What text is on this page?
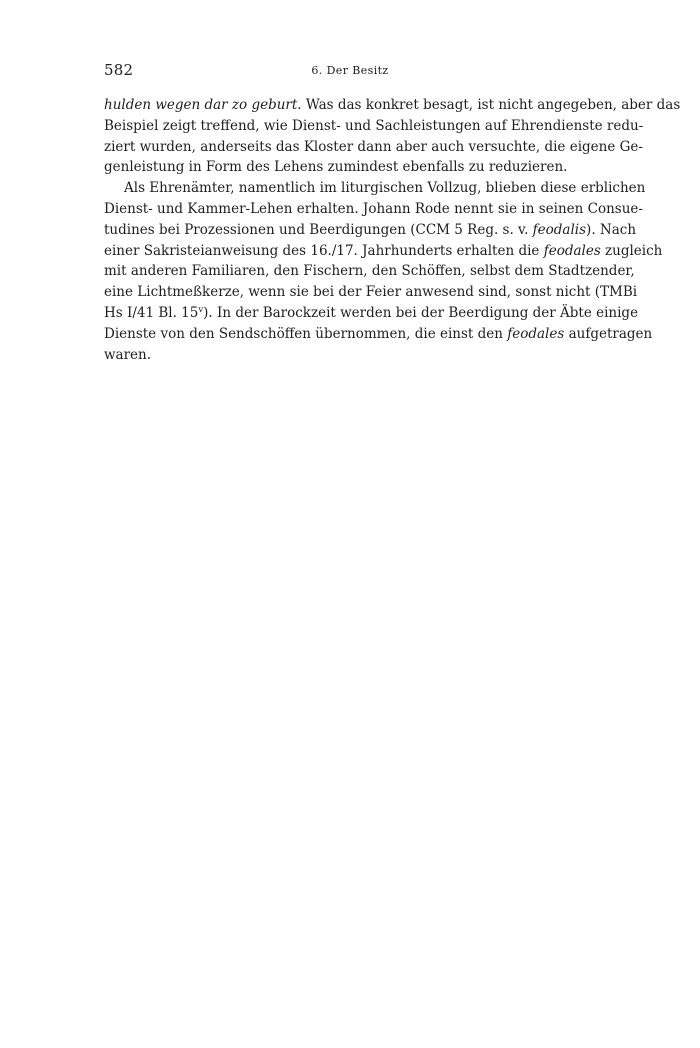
582	6. Der Besitz
hulden wegen dar zo geburt. Was das konkret besagt, ist nicht angegeben, aber das
Beispiel zeigt treffend, wie Dienst- und Sachleistungen auf Ehrendienste redu-
ziert wurden, anderseits das Kloster dann aber auch versuchte, die eigene Ge-
genleistung in Form des Lehens zumindest ebenfalls zu reduzieren.
Als Ehrenämter, namentlich im liturgischen Vollzug, blieben diese erblichen
Dienst- und Kammer-Lehen erhalten. Johann Rode nennt sie in seinen Consue-
tudines bei Prozessionen und Beerdigungen (CCM 5 Reg. s. v. feodalis). Nach
einer Sakristeianweisung des 16./17. Jahrhunderts erhalten die feodales zugleich
mit anderen Familiaren, den Fischern, den Schöffen, selbst dem Stadtzender,
eine Lichtmeßkerze, wenn sie bei der Feier anwesend sind, sonst nicht (TMBi
Hs I/41 Bl. 15$^v$). In der Barockzeit werden bei der Beerdigung der Äbte einige
Dienste von den Sendschöffen übernommen, die einst den feodales aufgetragen
waren.
